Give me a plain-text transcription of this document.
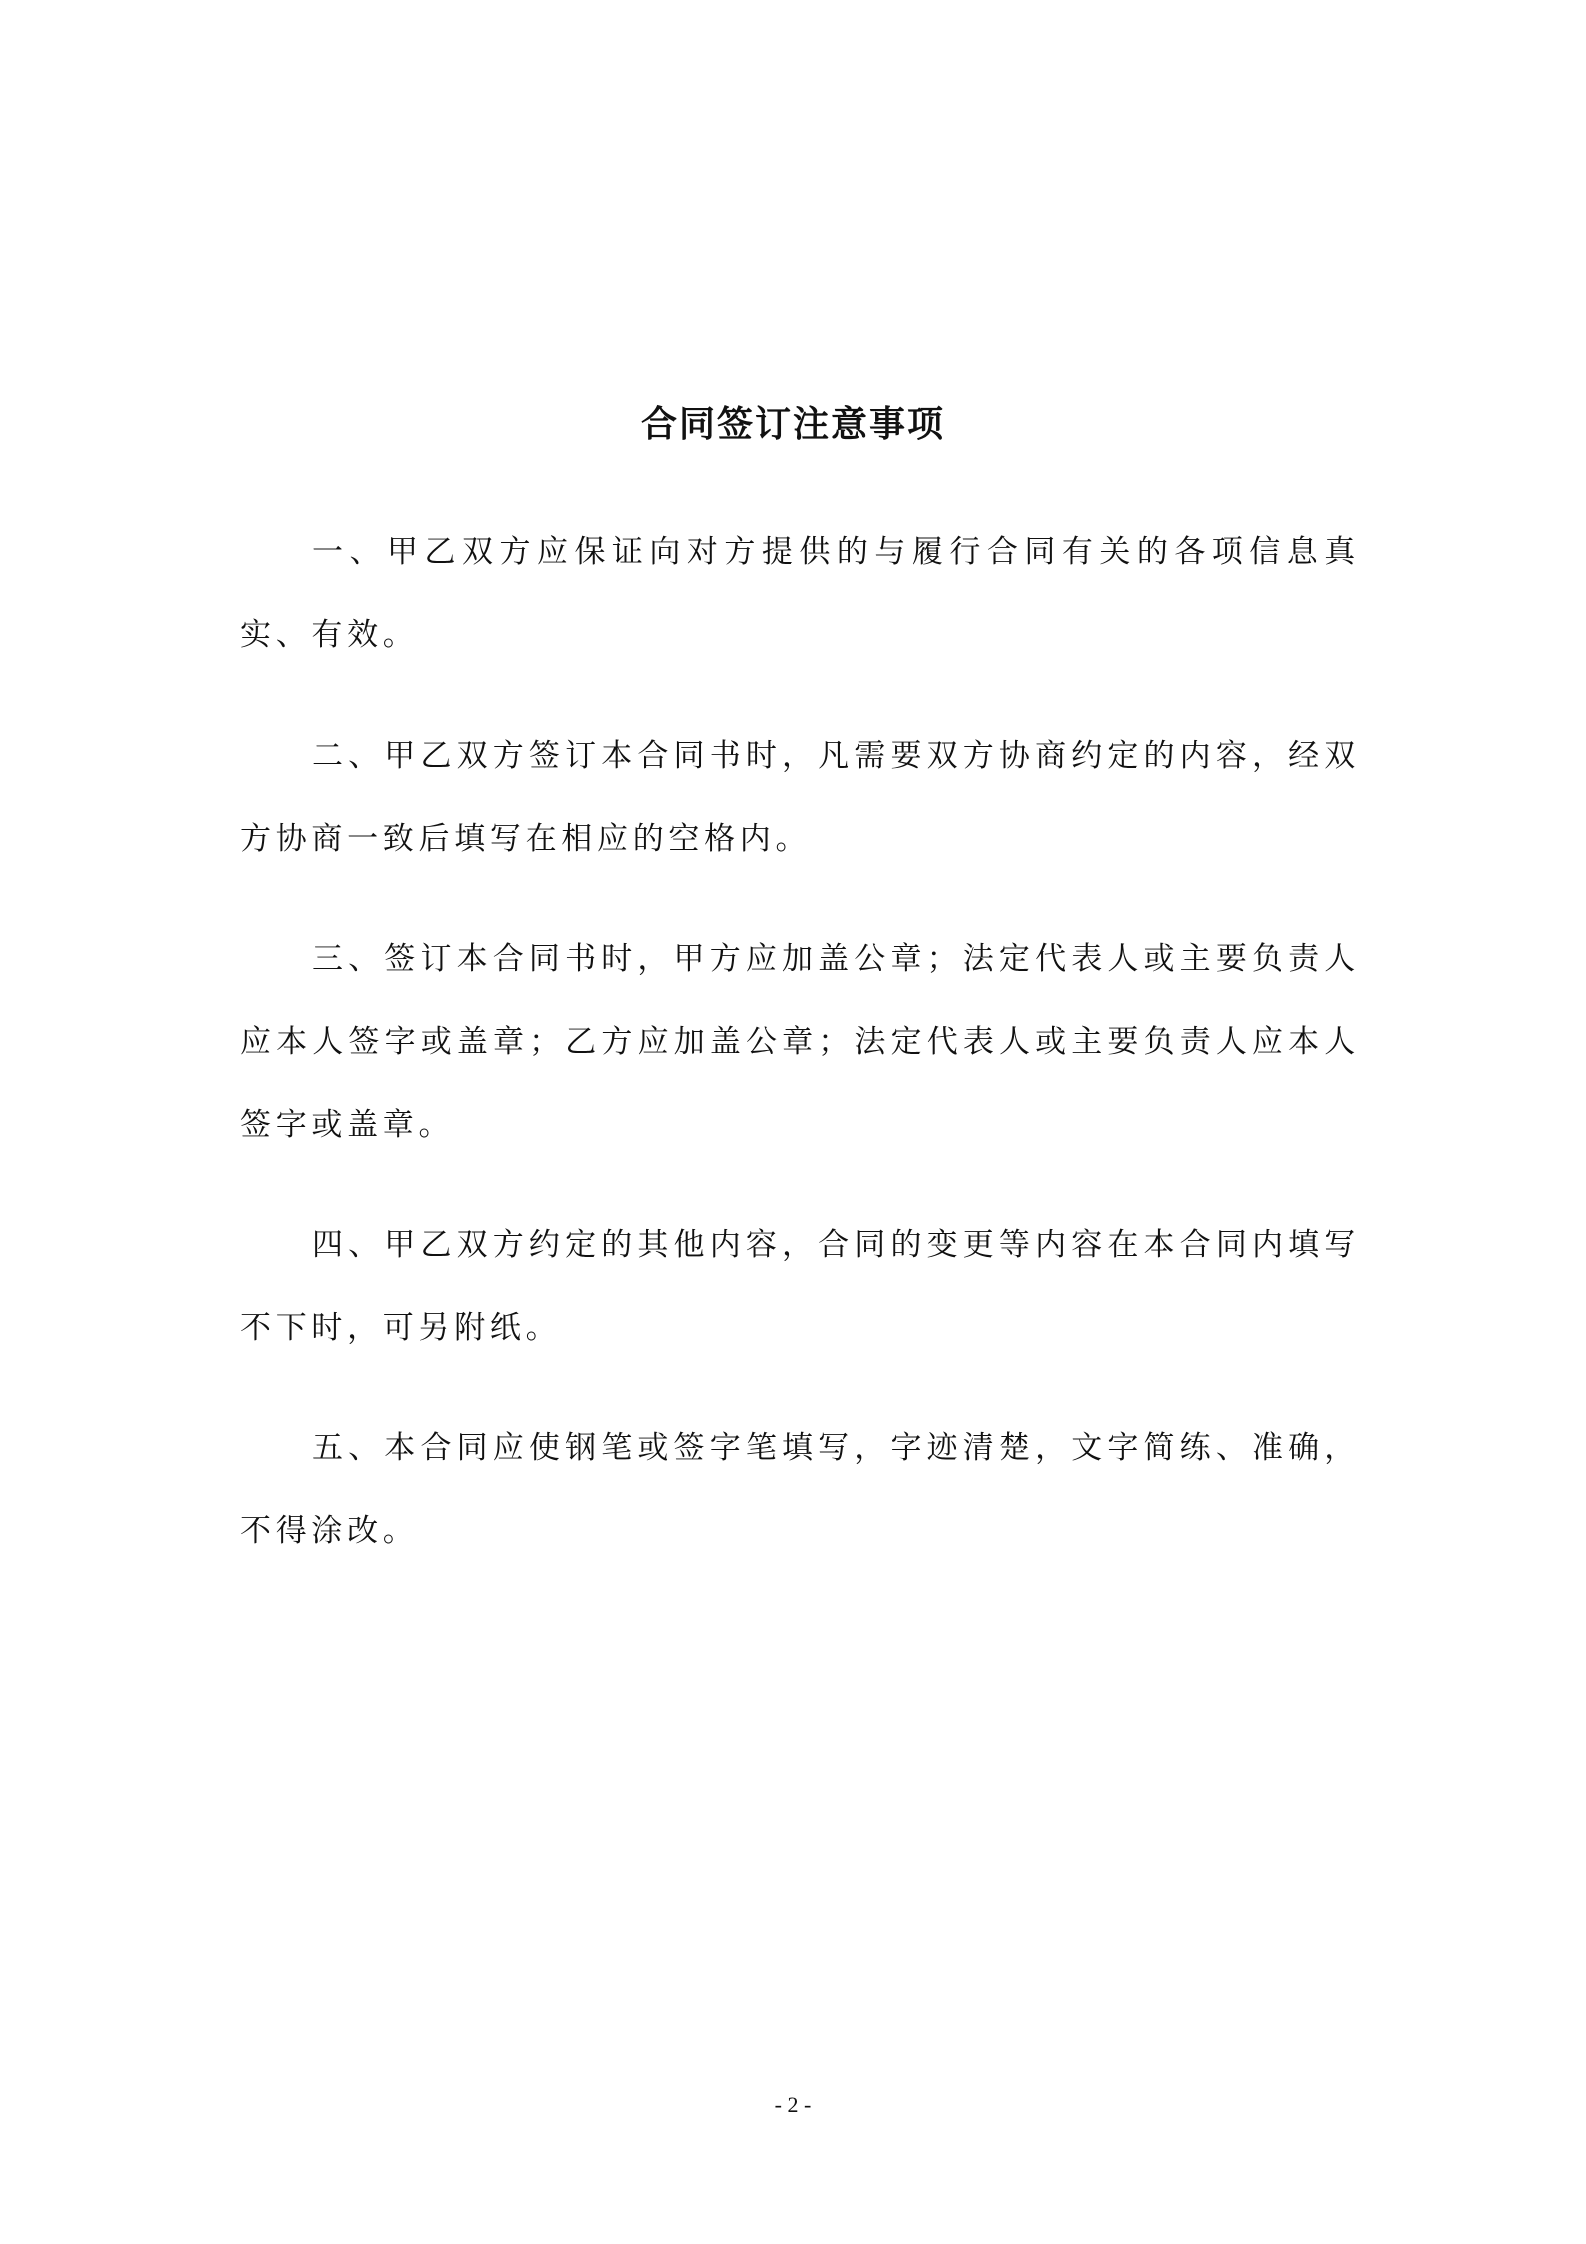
合同签订注意事项

一、甲乙双方应保证向对方提供的与履行合同有关的各项信息真实、有效。

二、甲乙双方签订本合同书时，凡需要双方协商约定的内容，经双方协商一致后填写在相应的空格内。

三、签订本合同书时，甲方应加盖公章；法定代表人或主要负责人应本人签字或盖章；乙方应加盖公章；法定代表人或主要负责人应本人签字或盖章。

四、甲乙双方约定的其他内容，合同的变更等内容在本合同内填写不下时，可另附纸。

五、本合同应使钢笔或签字笔填写，字迹清楚，文字简练、准确，不得涂改。

- 2 -
